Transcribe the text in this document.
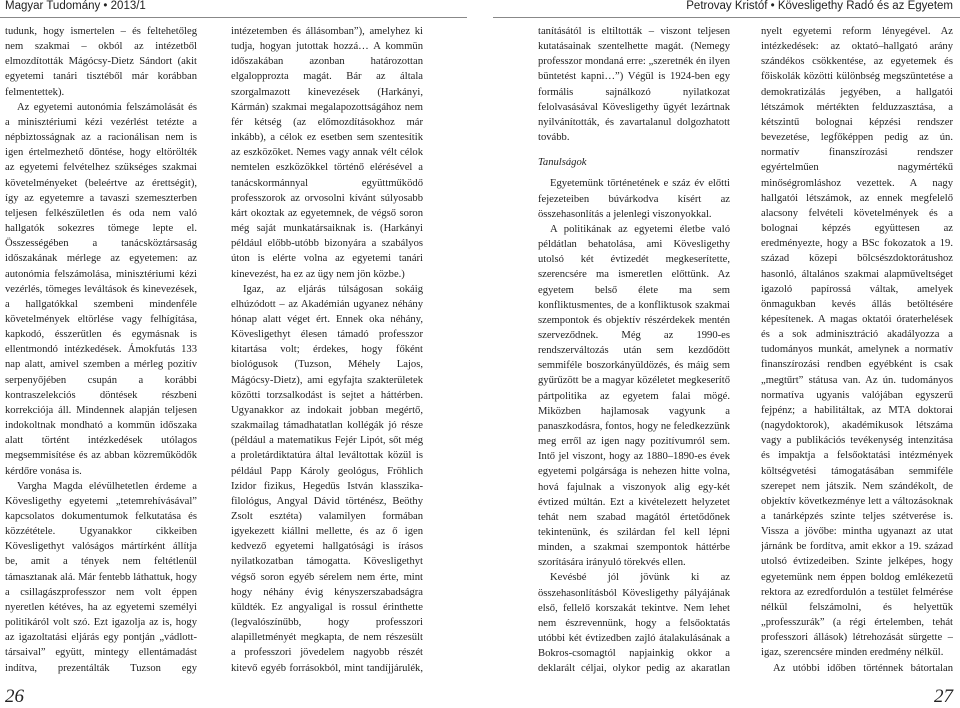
Magyar Tudomány • 2013/1	Petrovay Kristóf • Kövesligethy Radó és az Egyetem

tudunk, hogy ismertelen – és feltehetőleg nem szakmai – okból az intézetből elmozdították Mágócsy-Dietz Sándort (akit egyetemi tanári tisztéből már korábban felmentettek).

Az egyetemi autonómia felszámolását és a minisztériumi kézi vezérlést tetézte a népbiztosságnak az a racionálisan nem is igen értelmezhető döntése, hogy eltörölték az egyetemi felvételhez szükséges szakmai követelményeket (beleértve az érettségit), így az egyetemre a tavaszi szemeszterben teljesen felkészületlen és oda nem való hallgatók sokezres tömege lepte el. Összességében a tanácsköztársaság időszakának mérlege az egyetemen: az autonómia felszámolása, minisztériumi kézi vezérlés, tömeges leváltások és kinevezések, a hallgatókkal szembeni mindenféle követelmények eltörlése vagy felhígítása, kapkodó, ésszerűtlen és egymásnak is ellentmondó intézkedések. Ámokfutás 133 nap alatt, amivel szemben a mérleg pozitív serpenyőjében csupán a korábbi kontraszelekciós döntések részbeni korrekciója áll. Mindennek alapján teljesen indokoltnak mondható a kommün időszaka alatt történt intézkedések utólagos megsemmisítése és az abban közreműködők kérdőre vonása is.

Vargha Magda elévülhetetlen érdeme a Kövesligethy egyetemi „tetemrehívásával” kapcsolatos dokumentumok felkutatása és közzététele. Ugyanakkor cikkeiben Kövesligethyt valóságos mártírként állítja be, amit a tények nem feltétlenül támasztanak alá. Már fentebb láthattuk, hogy a csillagászprofesszor nem volt éppen nyeretlen kétéves, ha az egyetemi személyi politikáról volt szó. Ezt igazolja az is, hogy az igazoltatási eljárás egy pontján „vádlott-társaival” együtt, mintegy ellentámadást indítva, prezentálták Tuzson egy

intézetemben és állásomban”), amelyhez ki tudja, hogyan jutottak hozzá… A kommün időszakában azonban határozottan elgalopprozta magát. Bár az általa szorgalmazott kinevezések (Harkányi, Kármán) szakmai megalapozottságához nem fér kétség (az előmozdításokhoz már inkább), a célok ez esetben sem szentesítik az eszközöket. Nemes vagy annak vélt célok nemtelen eszközökkel történő elérésével a tanácskormánnyal együttműködő professzorok az orvosolni kívánt súlyosabb kárt okoztak az egyetemnek, de végső soron még saját munkatársaiknak is. (Harkányi például előbb-utóbb bizonyára a szabályos úton is elérte volna az egyetemi tanári kinevezést, ha ez az ügy nem jön közbe.)

Igaz, az eljárás túlságosan sokáig elhúzódott – az Akadémián ugyanez néhány hónap alatt véget ért. Ennek oka néhány, Kövesligethyt élesen támadó professzor kitartása volt; érdekes, hogy főként biológusok (Tuzson, Méhely Lajos, Mágócsy-Dietz), ami egyfajta szakterületek közötti torzsalkodást is sejtet a háttérben. Ugyanakkor az indokait jobban megértő, szakmailag támadhatatlan kollégák jó része (például a matematikus Fejér Lipót, sőt még a proletárdiktatúra által leváltottak közül is például Papp Károly geológus, Fröhlich Izidor fizikus, Hegedüs István klasszika-filológus, Angyal Dávid történész, Beöthy Zsolt esztéta) valamilyen formában igyekezett kiállni mellette, és az ő igen kedvező egyetemi hallgatósági is írásos nyilatkozatban támogatta. Kövesligethyt végső soron egyéb sérelem nem érte, mint hogy néhány évig kényszerszabadságra küldték. Ez angyaligal is rossul érinthette (legvalószínűbb, hogy professzori alapilletményét megkapta, de nem részesült a professzori jövedelem nagyobb részét kitevő egyéb forrásokból, mint tandíjjárulék,

tanításától is eltiltották – viszont teljesen kutatásainak szentelhette magát. (Nemegy professzor mondaná erre: „szeretnék én ilyen büntetést kapni…”) Végül is 1924-ben egy formális sajnálkozó nyilatkozat felolvasásával Kövesligethy ügyét lezártnak nyilvánították, és zavartalanul dolgozhatott tovább.

Tanulságok

Egyetemünk történetének e száz év előtti fejezeteiben búvárkodva kísért az összehasonlítás a jelenlegi viszonyokkal.

A politikának az egyetemi életbe való példátlan behatolása, ami Kövesligethy utolsó két évtizedét megkeserítette, szerencsére ma ismeretlen előttünk. Az egyetem belső élete ma sem konfliktusmentes, de a konfliktusok szakmai szempontok és objektív részérdekek mentén szerveződnek. Még az 1990-es rendszerváltozás után sem kezdődött semmiféle boszorkányüldözés, és máig sem gyűrűzött be a magyar közéletet megkeserítő pártpolitika az egyetem falai mögé. Miközben hajlamosak vagyunk a panaszkodásra, fontos, hogy ne feledkezzünk meg erről az igen nagy pozitívumról sem. Intő jel viszont, hogy az 1880–1890-es évek egyetemi polgársága is nehezen hitte volna, hová fajulnak a viszonyok alig egy-két évtized múltán. Ezt a kivételezett helyzetet tehát nem szabad magától értetődőnek tekintenünk, és szilárdan fel kell lépni minden, a szakmai szempontok háttérbe szorítására irányuló törekvés ellen.

Kevésbé jól jövünk ki az összehasonlításból Kövesligethy pályájának első, fellelő korszakát tekintve. Nem lehet nem észrevennünk, hogy a felsőoktatás utóbbi két évtizedben zajló átalakulásának a Bokros-csomagtól napjainkig okkor a deklarált céljai, olykor pedig az akaratlan

nyelt egyetemi reform lényegével. Az intézkedések: az oktató–hallgató arány szándékos csökkentése, az egyetemek és főiskolák közötti különbség megszüntetése a demokratizálás jegyében, a hallgatói létszámok mértékten felduzzasztása, a kétszintű bolognai képzési rendszer bevezetése, legfőképpen pedig az ún. normatív finanszírozási rendszer egyértelműen nagymértékű minőségromláshoz vezettek. A nagy hallgatói létszámok, az ennek megfelelő alacsony felvételi követelmények és a bolognai képzés együttesen az eredményezte, hogy a BSc fokozatok a 19. század közepi bölcsészdoktorátushoz hasonló, általános szakmai alapműveltséget igazoló papírossá váltak, amelyek önmagukban kevés állás betöltésére képesítenek. A magas oktatói óraterhelések és a sok adminisztráció akadályozza a tudományos munkát, amelynek a normatív finanszírozási rendben egyébként is csak „megtűrt” státusa van. Az ún. tudományos normatíva ugyanis valójában egyszerű fejpénz; a habilitáltak, az MTA doktorai (nagydoktorok), akadémikusok létszáma vagy a publikációs tevékenység intenzitása és impaktja a felsőoktatási intézmények költségvetési támogatásában semmiféle szerepet nem játszik. Nem szándékolt, de objektív következménye lett a változásoknak a tanárképzés szinte teljes szétverése is. Visszа a jövőbe: minthа ugyanazt az utat járnánk be fordítva, amit ekkor a 19. század utolsó évtizedeiben. Szinte jelképes, hogy egyetemünk nem éppen boldog emlékezetű rektora az ezredfordulón a testület felmérése nélkül felszámolni, és helyettük „professzurák” (a régi értelemben, tehát professzori állások) létrehozását sürgette – igaz, szerencsére minden eredmény nélkül.

Az utóbbi időben történnek bátortalan

26	27
